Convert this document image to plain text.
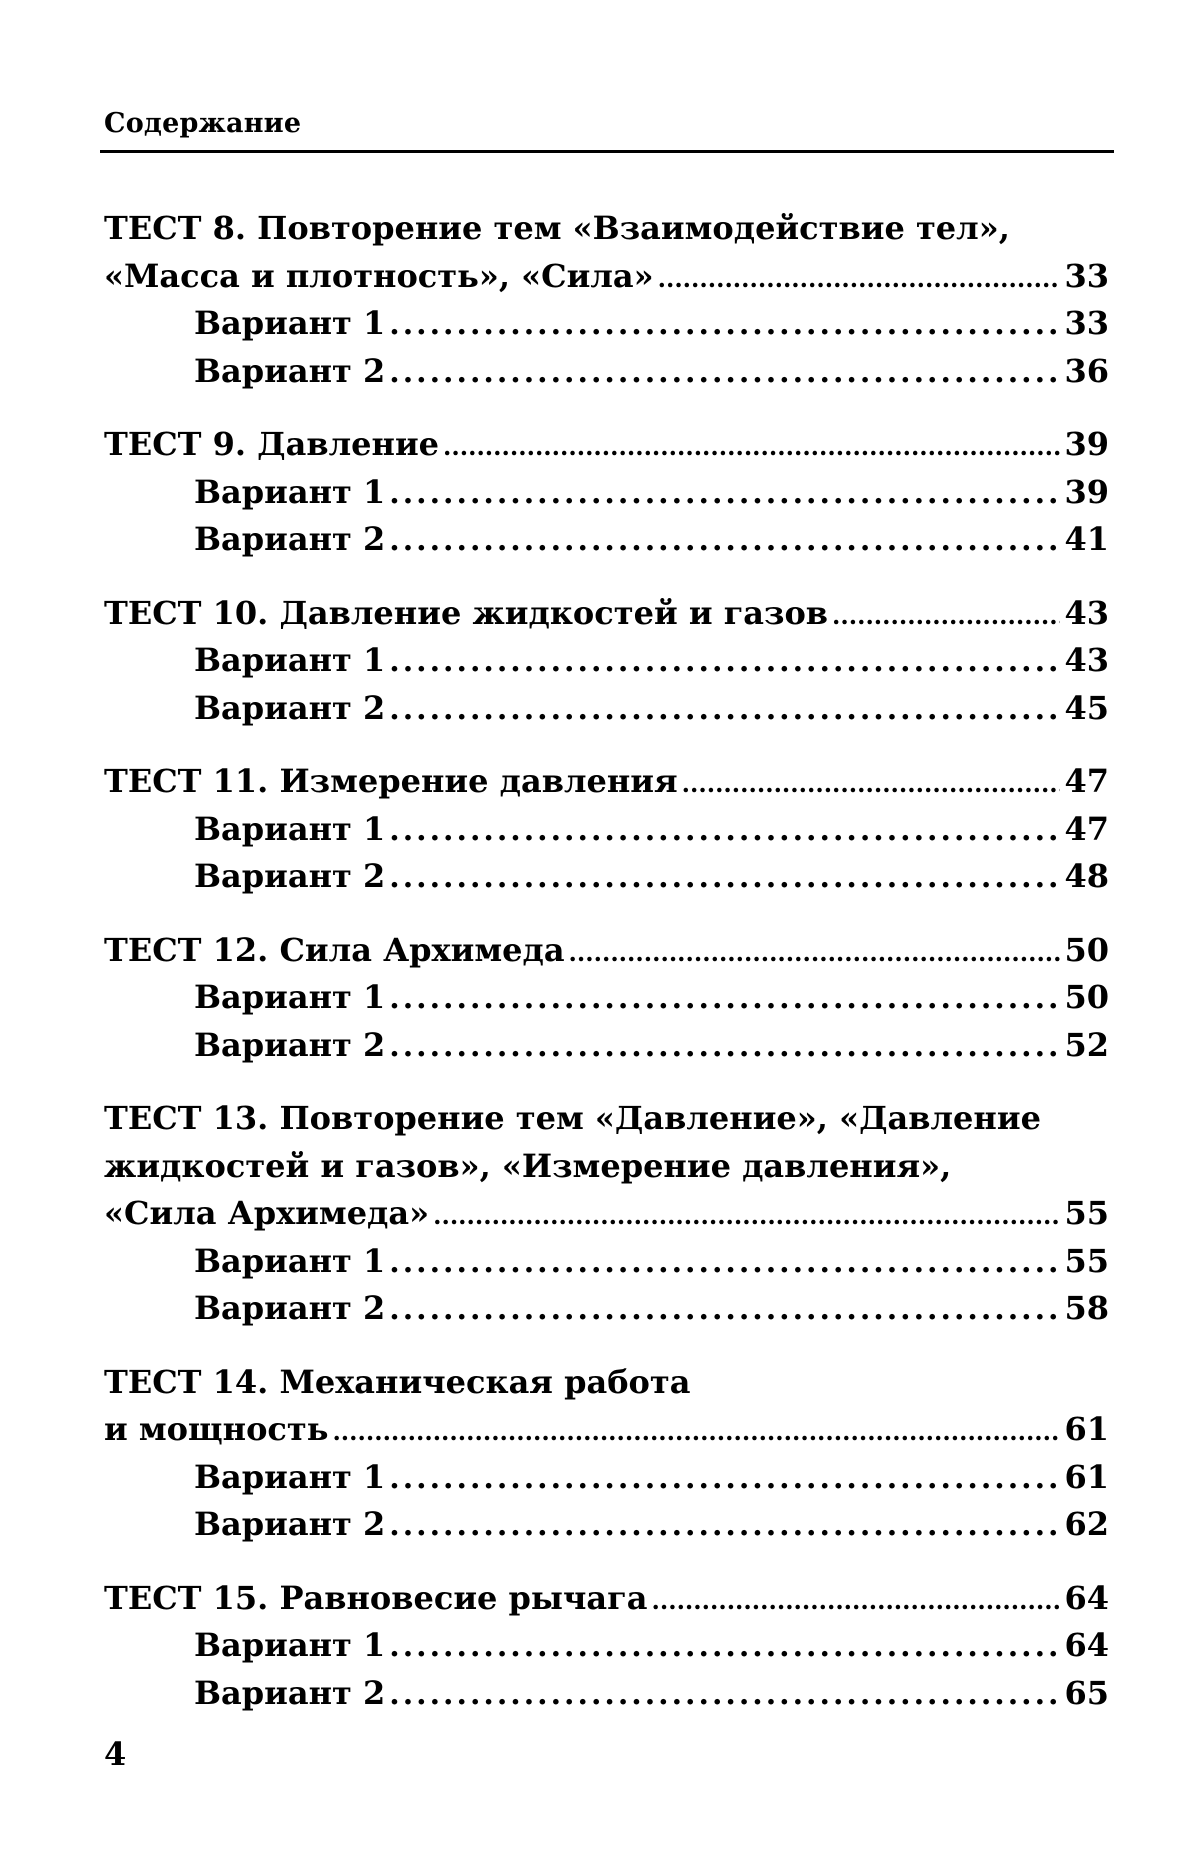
Содержание
ТЕСТ 8. Повторение тем «Взаимодействие тел»,
«Масса и плотность», «Сила» .....	33
Вариант 1 .....	33
Вариант 2 .....	36
ТЕСТ 9. Давление .....	39
Вариант 1 .....	39
Вариант 2 .....	41
ТЕСТ 10. Давление жидкостей и газов .....	43
Вариант 1 .....	43
Вариант 2 .....	45
ТЕСТ 11. Измерение давления .....	47
Вариант 1 .....	47
Вариант 2 .....	48
ТЕСТ 12. Сила Архимеда .....	50
Вариант 1 .....	50
Вариант 2 .....	52
ТЕСТ 13. Повторение тем «Давление», «Давление
жидкостей и газов», «Измерение давления»,
«Сила Архимеда» .....	55
Вариант 1 .....	55
Вариант 2 .....	58
ТЕСТ 14. Механическая работа
и мощность .....	61
Вариант 1 .....	61
Вариант 2 .....	62
ТЕСТ 15. Равновесие рычага .....	64
Вариант 1 .....	64
Вариант 2 .....	65
4
